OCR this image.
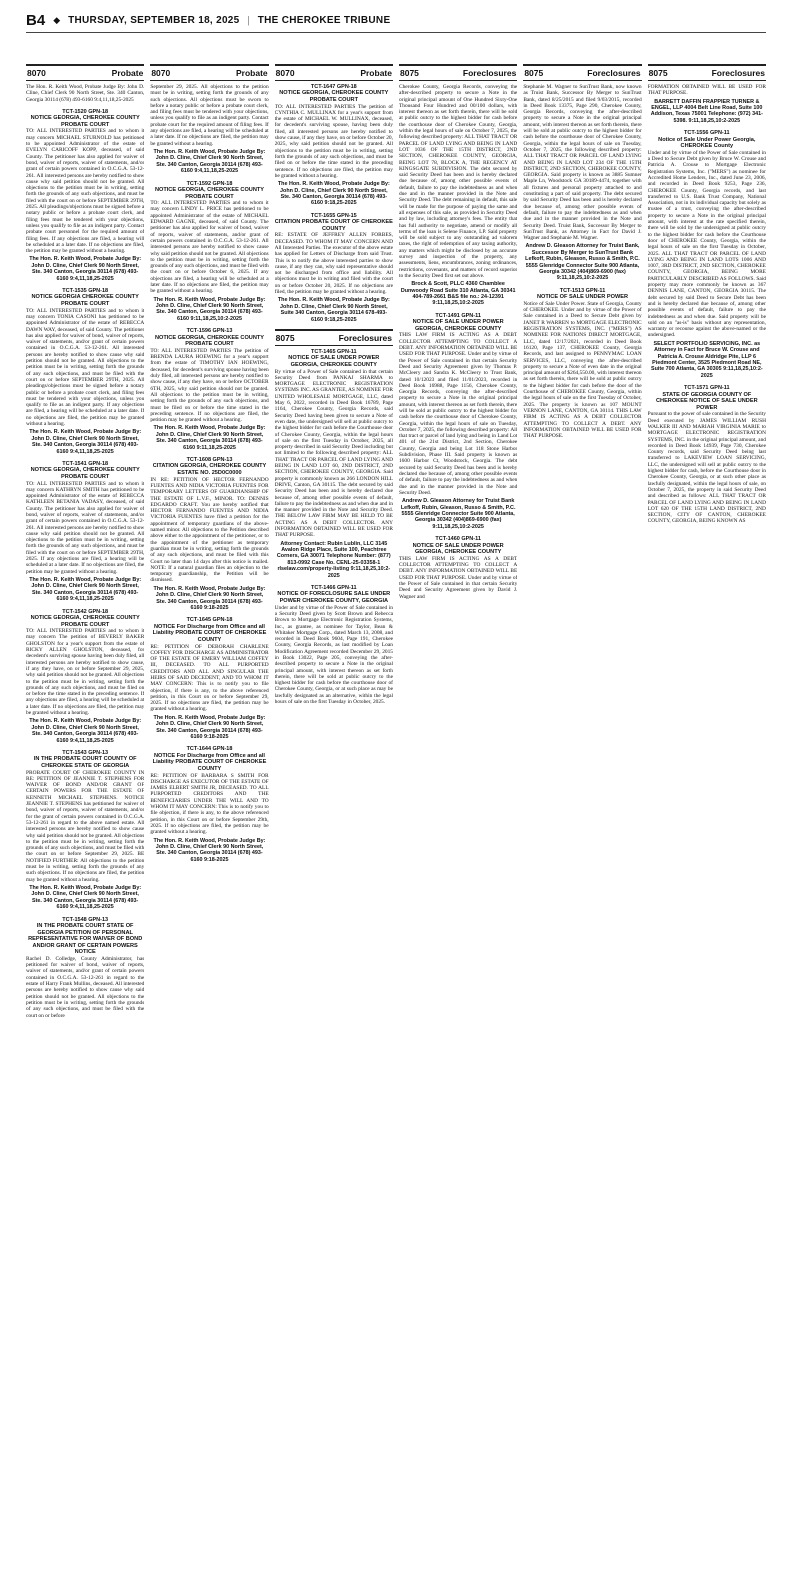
B4 ◆ THURSDAY, SEPTEMBER 18, 2025 | THE CHEROKEE TRIBUNE
8070	Probate
The Hon. R. Keith Wood, Probate Judge By: John D. Cline, Chief Clerk 90 North Street, Ste. 340 Canton, Georgia 30114 (678) 493-6160 9:4,11,18,25-2025
TCT-1520 GPN-18
NOTICE GEORGIA, CHEROKEE COUNTY PROBATE COURT
TO: ALL INTERESTED PARTIES and to whom it may concern MICHAEL STURNOLD has petitioned to be appointed Administrator of the estate of EVELYN CARICOFF KOPP, deceased, of said County. The petitioner has also applied for waiver of bond, waiver of reports, waiver of statements, and/or grant of certain powers contained in O.C.G.A. 53-12-261. All interested persons are hereby notified to show cause why said petition should not be granted. All objections to the petition must be in writing, setting forth the grounds of any such objections, and must be filed with the court on or before SEPTEMBER 29TH, 2025. All pleadings/objections must be signed before a notary public or before a probate court clerk, and filing fees must be tendered with your objections, unless you qualify to file as an indigent party. Contact probate court personnel for the required amount of filing fees. If any objections are filed, a hearing will be scheduled at a later date. If no objections are filed, the petition may be granted without a hearing.
The Hon. R. Keith Wood, Probate Judge By: John D. Cline, Chief Clerk 90 North Street, Ste. 340 Canton, Georgia 30114 (678) 493-6160 9:4,11,18,25-2025
TCT-1535 GPN-18
NOTICE GEORGIA CHEROKEE COUNTY PROBATE COURT
TO: ALL INTERESTED PARTIES and to whom it may concern TONIA CASONI has petitioned to be appointed Administrator of the estate of REBECCA DAWN WAY, deceased, of said County. The petitioner has also applied for waiver of bond, waiver of reports, waiver of statements, and/or grant of certain powers contained in O.C.G.A. 53-12-261. All interested persons are hereby notified to show cause why said petition should not be granted. All objections to the petition must be in writing, setting forth the grounds of any such objections, and must be filed with the court on or before SEPTEMBER 29TH, 2025. All pleadings/objections must be signed before a notary public or before a probate court clerk, and filing fees must be tendered with your objections, unless you qualify to file as an indigent party. If any objections are filed, a hearing will be scheduled at a later date. If no objections are filed, the petition may be granted without a hearing.
The Hon. R. Keith Wood, Probate Judge By: John D. Cline, Chief Clerk 90 North Street, Ste. 340 Canton, Georgia 30114 (678) 493-6160 9:4,11,18,25-2025
TCT-1541 GPN-18
NOTICE GEORGIA, CHEROKEE COUNTY PROBATE COURT
TO: ALL INTERESTED PARTIES and to whom it may concern KATHRYN SMITH has petitioned to be appointed Administrator of the estate of REBECCA KATHLEEN BETANIA VADASY, deceased, of said County. The petitioner has also applied for waiver of bond, waiver of reports, waiver of statements, and/or grant of certain powers contained in O.C.G.A. 53-12-261. All interested persons are hereby notified to show cause why said petition should not be granted. All objections to the petition must be in writing, setting forth the grounds of any such objections, and must be filed with the court on or before SEPTEMBER 29TH, 2025. If any objections are filed, a hearing will be scheduled at a later date. If no objections are filed, the petition may be granted without a hearing.
The Hon. R. Keith Wood, Probate Judge By: John D. Cline, Chief Clerk 90 North Street, Ste. 340 Canton, Georgia 30114 (678) 493-6160 9:4,11,18,25-2025
TCT-1542 GPN-18
NOTICE GEORGIA, CHEROKEE COUNTY PROBATE COURT
TO: ALL INTERESTED PARTIES and to whom it may concern The petition of BEVERLY BAKER GHOLSTON for a year's support from the estate of RICKY ALLEN GHOLSTON, deceased, for decedent's surviving spouse having been duly filed, all interested persons are hereby notified to show cause, if any they have, on or before September 29, 2025, why said petition should not be granted. All objections to the petition must be in writing, setting forth the grounds of any such objections, and must be filed on or before the time stated in the preceding sentence. If any objections are filed, a hearing will be scheduled at a later date. If no objections are filed, the petition may be granted without a hearing.
The Hon. R. Keith Wood, Probate Judge By: John D. Cline, Chief Clerk 90 North Street, Ste. 340 Canton, Georgia 30114 (678) 493-6160 9:4,11,18,25-2025
TCT-1543 GPN-13
IN THE PROBATE COURT COUNTY OF CHEROKEE STATE OF GEORGIA
PROBATE COURT OF CHEROKEE COUNTY IN RE: PETITION OF JEANNIE T. STEPHENS FOR WAIVER OF BOND AND/OR GRANT OF CERTAIN POWERS FOR THE ESTATE OF KENNETH MICHAEL STEPHENS. NOTICE JEANNIE T. STEPHENS has petitioned for waiver of bond, waiver of reports, waiver of statements, and/or for the grant of certain powers contained in O.C.G.A. 53-12-261 in regard to the above named estate. All interested persons are hereby notified to show cause why said petition should not be granted. All objections to the petition must be in writing, setting forth the grounds of any such objections, and must be filed with the court on or before September 29, 2025. BE NOTIFIED FURTHER: All objections to the petition must be in writing, setting forth the grounds of any such objections. If no objections are filed, the petition may be granted without a hearing.
The Hon. R. Keith Wood, Probate Judge By: John D. Cline, Chief Clerk 90 North Street, Ste. 340 Canton, Georgia 30114 (678) 493-6160 9:4,11,18,25-2025
TCT-1548 GPN-13
IN THE PROBATE COURT STATE OF GEORGIA PETITION OF PERSONAL REPRESENTATIVE FOR WAIVER OF BOND AND/OR GRANT OF CERTAIN POWERS NOTICE
Rachel D. Colledge, County Administrator, has petitioned for waiver of bond, waiver of reports, waiver of statements, and/or grant of certain powers contained in O.C.G.A. 53-12-261 in regard to the estate of Harry Frank Mullins, deceased. All interested persons are hereby notified to show cause why said petition should not be granted. All objections to the petition must be in writing, setting forth the grounds of any such objections, and must be filed with the court on or before
8070	Probate
September 29, 2025. All objections to the petition must be in writing, setting forth the grounds of any such objections. All objections must be sworn to before a notary public or before a probate court clerk, and filing fees must be tendered with your objections, unless you qualify to file as an indigent party. Contact probate court for the required amount of filing fees. If any objections are filed, a hearing will be scheduled at a later date. If no objections are filed, the petition may be granted without a hearing.
The Hon. R. Keith Wood, Probate Judge By: John D. Cline, Chief Clerk 90 North Street, Ste. 340 Canton, Georgia 30114 (678) 493-6160 9:4,11,18,25-2025
TCT-1592 GPN-18
NOTICE GEORGIA, CHEROKEE COUNTY PROBATE COURT
TO: ALL INTERESTED PARTIES and to whom it may concern LINDY L. PRICE has petitioned to be appointed Administrator of the estate of MICHAEL EDWARD GAGNE, deceased, of said County. The petitioner has also applied for waiver of bond, waiver of reports, waiver of statements, and/or grant of certain powers contained in O.C.G.A. 53-12-261. All interested persons are hereby notified to show cause why said petition should not be granted. All objections to the petition must be in writing, setting forth the grounds of any such objections, and must be filed with the court on or before October 6, 2025. If any objections are filed, a hearing will be scheduled at a later date. If no objections are filed, the petition may be granted without a hearing.
The Hon. R. Keith Wood, Probate Judge By: John D. Cline, Chief Clerk 90 North Street, Ste. 340 Canton, Georgia 30114 (678) 493-6160 9:11,18,25,10:2-2025
TCT-1596 GPN-13
NOTICE GEORGIA, CHEROKEE COUNTY PROBATE COURT
TO: ALL INTERESTED PARTIES The petition of BRENDA LAURA HOEWING for a year's support from the estate of TIMOTHY IAN HOEWING, deceased, for decedent's surviving spouse having been duly filed, all interested persons are hereby notified to show cause, if any they have, on or before OCTOBER 6TH, 2025, why said petition should not be granted. All objections to the petition must be in writing, setting forth the grounds of any such objections, and must be filed on or before the time stated in the preceding sentence. If no objections are filed, the petition may be granted without a hearing.
The Hon. R. Keith Wood, Probate Judge By: John D. Cline, Chief Clerk 90 North Street, Ste. 340 Canton, Georgia 30114 (678) 493-6160 9:11,18,25-2025
TCT-1608 GPN-13
CITATION GEORGIA, CHEROKEE COUNTY ESTATE NO. 25D0C0000
IN RE: PETITION OF HECTOR FERNANDO FUENTES AND NIDIA VICTORIA FUENTES FOR TEMPORARY LETTERS OF GUARDIANSHIP OF THE ESTATE OF L.V.F., MINOR. TO: DENNIS EDGARDO CRAFT. You are hereby notified that HECTOR FERNANDO FUENTES AND NIDIA VICTORIA FUENTES have filed a petition for the appointment of temporary guardians of the above-named minor. All objections to the Petition described above either to the appointment of the petitioner, or to the appointment of the petitioner as temporary guardian must be in writing, setting forth the grounds of any such objections, and must be filed with this Court no later than 14 days after this notice is mailed. NOTE: If a natural guardian files an objection to the temporary guardianship, the Petition will be dismissed.
The Hon. R. Keith Wood, Probate Judge By: John D. Cline, Chief Clerk 90 North Street, Ste. 340 Canton, Georgia 30114 (678) 493-6160 9:18-2025
TCT-1645 GPN-18
NOTICE For Discharge from Office and all Liability PROBATE COURT OF CHEROKEE COUNTY
RE: PETITION OF DEBORAH CHARLENE COFFEY FOR DISCHARGE AS ADMINISTRATOR OF THE ESTATE OF EMERY WILLIAM COFFEY III, DECEASED. TO ALL PURPORTED CREDITORS AND ALL AND SINGULAR THE HEIRS OF SAID DECEDENT, AND TO WHOM IT MAY CONCERN: This is to notify you to file objection, if there is any, to the above referenced petition, in this Court on or before September 29, 2025. If no objections are filed, the petition may be granted without a hearing.
The Hon. R. Keith Wood, Probate Judge By: John D. Cline, Chief Clerk 90 North Street, Ste. 340 Canton, Georgia 30114 (678) 493-6160 9:18-2025
TCT-1644 GPN-18
NOTICE For Discharge from Office and all Liability PROBATE COURT OF CHEROKEE COUNTY
RE: PETITION OF BARBARA S SMITH FOR DISCHARGE AS EXECUTOR OF THE ESTATE OF JAMES ELBERT SMITH JR, DECEASED. TO ALL PURPORTED CREDITORS AND THE BENEFICIARIES UNDER THE WILL AND TO WHOM IT MAY CONCERN: This is to notify you to file objection, if there is any, to the above referenced petition, in this Court on or before September 29th, 2025. If no objections are filed, the petition may be granted without a hearing.
The Hon. R. Keith Wood, Probate Judge By: John D. Cline, Chief Clerk 90 North Street, Ste. 340 Canton, Georgia 30114 (678) 493-6160 9:18-2025
8070	Probate
TCT-1647 GPN-18
NOTICE GEORGIA, CHEROKEE COUNTY PROBATE COURT
TO: ALL INTERESTED PARTIES The petition of CYNTHIA C. MULLINAX for a year's support from the estate of MICHAEL W. MULLINAX, deceased, for decedent's surviving spouse, having been duly filed, all interested persons are hereby notified to show cause, if any they have, on or before October 20, 2025, why said petition should not be granted. All objections to the petition must be in writing, setting forth the grounds of any such objections, and must be filed on or before the time stated in the preceding sentence. If no objections are filed, the petition may be granted without a hearing.
The Hon. R. Keith Wood, Probate Judge By: John D. Cline, Chief Clerk 90 North Street, Ste. 340 Canton, Georgia 30114 (678) 493-6160 9:18,25-2025
TCT-1655 GPN-15
CITATION PROBATE COURT OF CHEROKEE COUNTY
RE: ESTATE OF JEFFREY ALLEN FORBES, DECEASED. TO WHOM IT MAY CONCERN AND All Interested Parties. The executor of the above estate has applied for Letters of Discharge from said Trust. This is to notify the above interested parties to show cause, if any they can, why said representative should not be discharged from office and liability. All objections must be in writing and filed with the court on or before October 20, 2025. If no objections are filed, the petition may be granted without a hearing.
The Hon. R. Keith Wood, Probate Judge By: John D. Cline, Chief Clerk 90 North Street, Suite 340 Canton, Georgia 30114 678-493-6160 9:18,25-2025
8075	Foreclosures
TCT-1465 GPN-11
NOTICE OF SALE UNDER POWER GEORGIA, CHEROKEE COUNTY
By virtue of a Power of Sale contained in that certain Security Deed from PANKAJ SHARMA to MORTGAGE ELECTRONIC REGISTRATION SYSTEMS INC. AS GRANTEE, AS NOMINEE FOR UNITED WHOLESALE MORTGAGE, LLC, dated May 6, 2022, recorded in Deed Book 16789, Page 1164, Cherokee County, Georgia Records, said Security Deed having been given to secure a Note of even date, the undersigned will sell at public outcry to the highest bidder for cash before the Courthouse door of Cherokee County, Georgia, within the legal hours of sale on the first Tuesday in October, 2025, all property described in said Security Deed including but not limited to the following described property: ALL THAT TRACT OR PARCEL OF LAND LYING AND BEING IN LAND LOT 60, 2ND DISTRICT, 2ND SECTION, CHEROKEE COUNTY, GEORGIA. Said property is commonly known as 266 LONDON HILL DRIVE, Canton, GA 30115. The debt secured by said Security Deed has been and is hereby declared due because of, among other possible events of default, failure to pay the indebtedness as and when due and in the manner provided in the Note and Security Deed. THE BELOW LAW FIRM MAY BE HELD TO BE ACTING AS A DEBT COLLECTOR. ANY INFORMATION OBTAINED WILL BE USED FOR THAT PURPOSE.
Attorney Contact: Rubin Lublin, LLC 3145 Avalon Ridge Place, Suite 100, Peachtree Corners, GA 30071 Telephone Number: (877) 813-0992 Case No. CENL-25-03358-1 rlselaw.com/property-listing 9:11,18,25,10:2-2025
TCT-1466 GPN-11
NOTICE OF FORECLOSURE SALE UNDER POWER CHEROKEE COUNTY, GEORGIA
Under and by virtue of the Power of Sale contained in a Security Deed given by Scott Brown and Rebecca Brown to Mortgage Electronic Registration Systems, Inc., as grantee, as nominee for Taylor, Bean & Whitaker Mortgage Corp., dated March 13, 2008, and recorded in Deed Book 9604, Page 191, Cherokee County, Georgia Records, as last modified by Loan Modification Agreement recorded December 29, 2015 in Book 13022, Page 205, conveying the after-described property to secure a Note in the original principal amount, with interest thereon as set forth therein, there will be sold at public outcry to the highest bidder for cash before the courthouse door of Cherokee County, Georgia, or at such place as may be lawfully designated as an alternative, within the legal hours of sale on the first Tuesday in October, 2025.
8075	Foreclosures
Cherokee County, Georgia Records, conveying the after-described property to secure a Note in the original principal amount of One Hundred Sixty-One Thousand Four Hundred and 00/100 dollars, with interest thereon as set forth therein, there will be sold at public outcry to the highest bidder for cash before the courthouse door of Cherokee County, Georgia, within the legal hours of sale on October 7, 2025, the following described property: ALL THAT TRACT OR PARCEL OF LAND LYING AND BEING IN LAND LOT 1036 OF THE 15TH DISTRICT, 2ND SECTION, CHEROKEE COUNTY, GEORGIA, BEING LOT 78, BLOCK A, THE REGENCY AT KINGSGATE SUBDIVISION. The debt secured by said Security Deed has been and is hereby declared due because of, among other possible events of default, failure to pay the indebtedness as and when due and in the manner provided in the Note and Security Deed. The debt remaining in default, this sale will be made for the purpose of paying the same and all expenses of this sale, as provided in Security Deed and by law, including attorney's fees. The entity that has full authority to negotiate, amend or modify all terms of the loan is Selene Finance, LP. Said property will be sold subject to any outstanding ad valorem taxes, the right of redemption of any taxing authority, any matters which might be disclosed by an accurate survey and inspection of the property, any assessments, liens, encumbrances, zoning ordinances, restrictions, covenants, and matters of record superior to the Security Deed first set out above.
Brock & Scott, PLLC 4360 Chamblee Dunwoody Road Suite 310 Atlanta, GA 30341 404-789-2661 B&S file no.: 24-12391 9:11,18,25,10:2-2025
TCT-1491 GPN-11
NOTICE OF SALE UNDER POWER GEORGIA, CHEROKEE COUNTY
THIS LAW FIRM IS ACTING AS A DEBT COLLECTOR ATTEMPTING TO COLLECT A DEBT. ANY INFORMATION OBTAINED WILL BE USED FOR THAT PURPOSE. Under and by virtue of the Power of Sale contained in that certain Security Deed and Security Agreement given by Thomas P. McCleery and Sandra K. McCleery to Trust Bank, dated 10/12023 and filed 11/01/2023, recorded in Deed Book 16988, Page 1156, Cherokee County, Georgia Records, conveying the after-described property to secure a Note in the original principal amount, with interest thereon as set forth therein, there will be sold at public outcry to the highest bidder for cash before the courthouse door of Cherokee County, Georgia, within the legal hours of sale on Tuesday, October 7, 2025, the following described property: All that tract or parcel of land lying and being in Land Lot 401 of the 21st District, 2nd Section, Cherokee County, Georgia and being Lot 118 Stone Harbor Subdivision, Phase III. Said property is known as 1600 Harbor Ct, Woodstock, Georgia. The debt secured by said Security Deed has been and is hereby declared due because of, among other possible events of default, failure to pay the indebtedness as and when due and in the manner provided in the Note and Security Deed.
Andrew D. Gleason Attorney for Truist Bank Lefkoff, Rubin, Gleason, Russo & Smith, P.C. 5555 Glenridge Connector Suite 900 Atlanta, Georgia 30342 (404)869-6900 (fax) 9:11,18,25,10:2-2025
TCT-1460 GPN-11
NOTICE OF SALE UNDER POWER GEORGIA, CHEROKEE COUNTY
THIS LAW FIRM IS ACTING AS A DEBT COLLECTOR ATTEMPTING TO COLLECT A DEBT. ANY INFORMATION OBTAINED WILL BE USED FOR THAT PURPOSE. Under and by virtue of the Power of Sale contained in that certain Security Deed and Security Agreement given by David J. Wagner and
8075	Foreclosures
Stephanie M. Wagner to SunTrust Bank, now known as Truist Bank, Successor By Merger to SunTrust Bank, dated 8/25/2015 and filed 9/03/2015, recorded in Deed Book 13375, Page 290, Cherokee County, Georgia Records, conveying the after-described property to secure a Note in the original principal amount, with interest thereon as set forth therein, there will be sold at public outcry to the highest bidder for cash before the courthouse door of Cherokee County, Georgia, within the legal hours of sale on Tuesday, October 7, 2025, the following described property: ALL THAT TRACT OR PARCEL OF LAND LYING AND BEING IN LAND LOT 234 OF THE 15TH DISTRICT, 2ND SECTION, CHEROKEE COUNTY, GEORGIA. Said property is known as 3885 Sumner Maple Ln, Woodstock GA 30189-4474, together with all fixtures and personal property attached to and constituting a part of said property. The debt secured by said Security Deed has been and is hereby declared due because of, among other possible events of default, failure to pay the indebtedness as and when due and in the manner provided in the Note and Security Deed. Truist Bank, Successor By Merger to SunTrust Bank, as Attorney in Fact for David J. Wagner and Stephanie M. Wagner.
Andrew D. Gleason Attorney for Truist Bank, Successor By Merger to SunTrust Bank Lefkoff, Rubin, Gleason, Russo & Smith, P.C. 5555 Glenridge Connector Suite 900 Atlanta, Georgia 30342 (404)869-6900 (fax) 9:11,18,25,10:2-2025
TCT-1513 GPN-11
NOTICE OF SALE UNDER POWER
Notice of Sale Under Power. State of Georgia, County of CHEROKEE. Under and by virtue of the Power of Sale contained in a Deed to Secure Debt given by JANET R WARREN to MORTGAGE ELECTRONIC REGISTRATION SYSTEMS, INC. ("MERS") AS NOMINEE FOR NATIONS DIRECT MORTGAGE, LLC, dated 12/17/2021, recorded in Deed Book 16120, Page 137, CHEROKEE County, Georgia Records, and last assigned to PENNYMAC LOAN SERVICES, LLC, conveying the after-described property to secure a Note of even date in the original principal amount of $264,550.00, with interest thereon as set forth therein, there will be sold at public outcry to the highest bidder for cash before the door of the Courthouse of CHEROKEE County, Georgia, within the legal hours of sale on the first Tuesday of October, 2025. The property is known as 107 MOUNT VERNON LANE, CANTON, GA 30114. THIS LAW FIRM IS ACTING AS A DEBT COLLECTOR ATTEMPTING TO COLLECT A DEBT. ANY INFORMATION OBTAINED WILL BE USED FOR THAT PURPOSE.
8075	Foreclosures
FORMATION OBTAINED WILL BE USED FOR THAT PURPOSE.
BARRETT DAFFIN FRAPPIER TURNER & ENGEL, LLP 4004 Belt Line Road, Suite 100 Addison, Texas 75001 Telephone: (972) 341-5398. 9:11,18,25,10:2-2025
TCT-1556 GPN-11
Notice of Sale Under Power Georgia, CHEROKEE County
Under and by virtue of the Power of Sale contained in a Deed to Secure Debt given by Bruce W. Crouse and Patricia A. Crouse to Mortgage Electronic Registration Systems, Inc. ("MERS") as nominee for Accredited Home Lenders, Inc., dated June 23, 2006, and recorded in Deed Book 9253, Page 236, CHEROKEE County, Georgia records, and last transferred to U.S. Bank Trust Company, National Association, not in its individual capacity but solely as trustee of a trust, conveying the after-described property to secure a Note in the original principal amount, with interest at the rate specified therein, there will be sold by the undersigned at public outcry to the highest bidder for cash before the Courthouse door of CHEROKEE County, Georgia, within the legal hours of sale on the first Tuesday in October, 2025. ALL THAT TRACT OR PARCEL OF LAND LYING AND BEING IN LAND LOTS 1006 AND 1007, 3RD DISTRICT, 2ND SECTION, CHEROKEE COUNTY, GEORGIA, BEING MORE PARTICULARLY DESCRIBED AS FOLLOWS. Said property may more commonly be known as 367 DENNIS LANE, CANTON, GEORGIA 30115. The debt secured by said Deed to Secure Debt has been and is hereby declared due because of, among other possible events of default, failure to pay the indebtedness as and when due. Said property will be sold on an "as-is" basis without any representation, warranty or recourse against the above-named or the undersigned.
SELECT PORTFOLIO SERVICING, INC. as Attorney in Fact for Bruce W. Crouse and Patricia A. Crouse Aldridge Pite, LLP 6 Piedmont Center, 3525 Piedmont Road NE, Suite 700 Atlanta, GA 30305 9:11,18,25,10:2-2025
TCT-1571 GPN-11
STATE OF GEORGIA COUNTY OF CHEROKEE NOTICE OF SALE UNDER POWER
Pursuant to the power of sale contained in the Security Deed executed by JAMES WILLIAM RUSH WALKER III AND MARIAH VIRGINIA MARIE to MORTGAGE ELECTRONIC REGISTRATION SYSTEMS, INC. in the original principal amount, and recorded in Deed Book 14939, Page 730, Cherokee County records, said Security Deed being last transferred to LAKEVIEW LOAN SERVICING, LLC, the undersigned will sell at public outcry to the highest bidder for cash, before the Courthouse door in Cherokee County, Georgia, or at such other place as lawfully designated, within the legal hours of sale, on October 7, 2025, the property in said Security Deed and described as follows: ALL THAT TRACT OR PARCEL OF LAND LYING AND BEING IN LAND LOT 620 OF THE 15TH LAND DISTRICT, 2ND SECTION, CITY OF CANTON, CHEROKEE COUNTY, GEORGIA, BEING KNOWN AS
